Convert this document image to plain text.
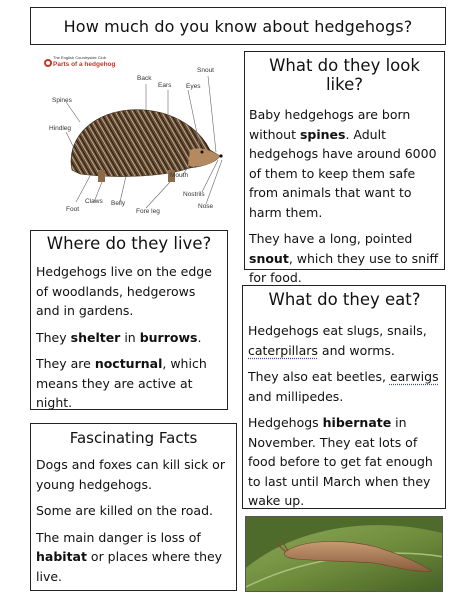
How much do you know about hedgehogs?
The English Countryside Club
Parts of a hedgehog
Back
Ears Eyes
Snout
Spines
Hindleg
Mouth
Nostrils
Nose
Claws Belly
Foot	Fore leg
What do they look like?

Baby hedgehogs are born without spines. Adult hedgehogs have around 6000 of them to keep them safe from animals that want to harm them.

They have a long, pointed snout, which they use to sniff for food.

Where do they live?

Hedgehogs live on the edge of woodlands, hedgerows and in gardens.

They shelter in burrows.

They are nocturnal, which means they are active at night.

What do they eat?

Hedgehogs eat slugs, snails, caterpillars and worms.

They also eat beetles, earwigs and millipedes.

Hedgehogs hibernate in November. They eat lots of food before to get fat enough to last until March when they wake up.

Fascinating Facts

Dogs and foxes can kill sick or young hedgehogs.

Some are killed on the road.

The main danger is loss of habitat or places where they live.
